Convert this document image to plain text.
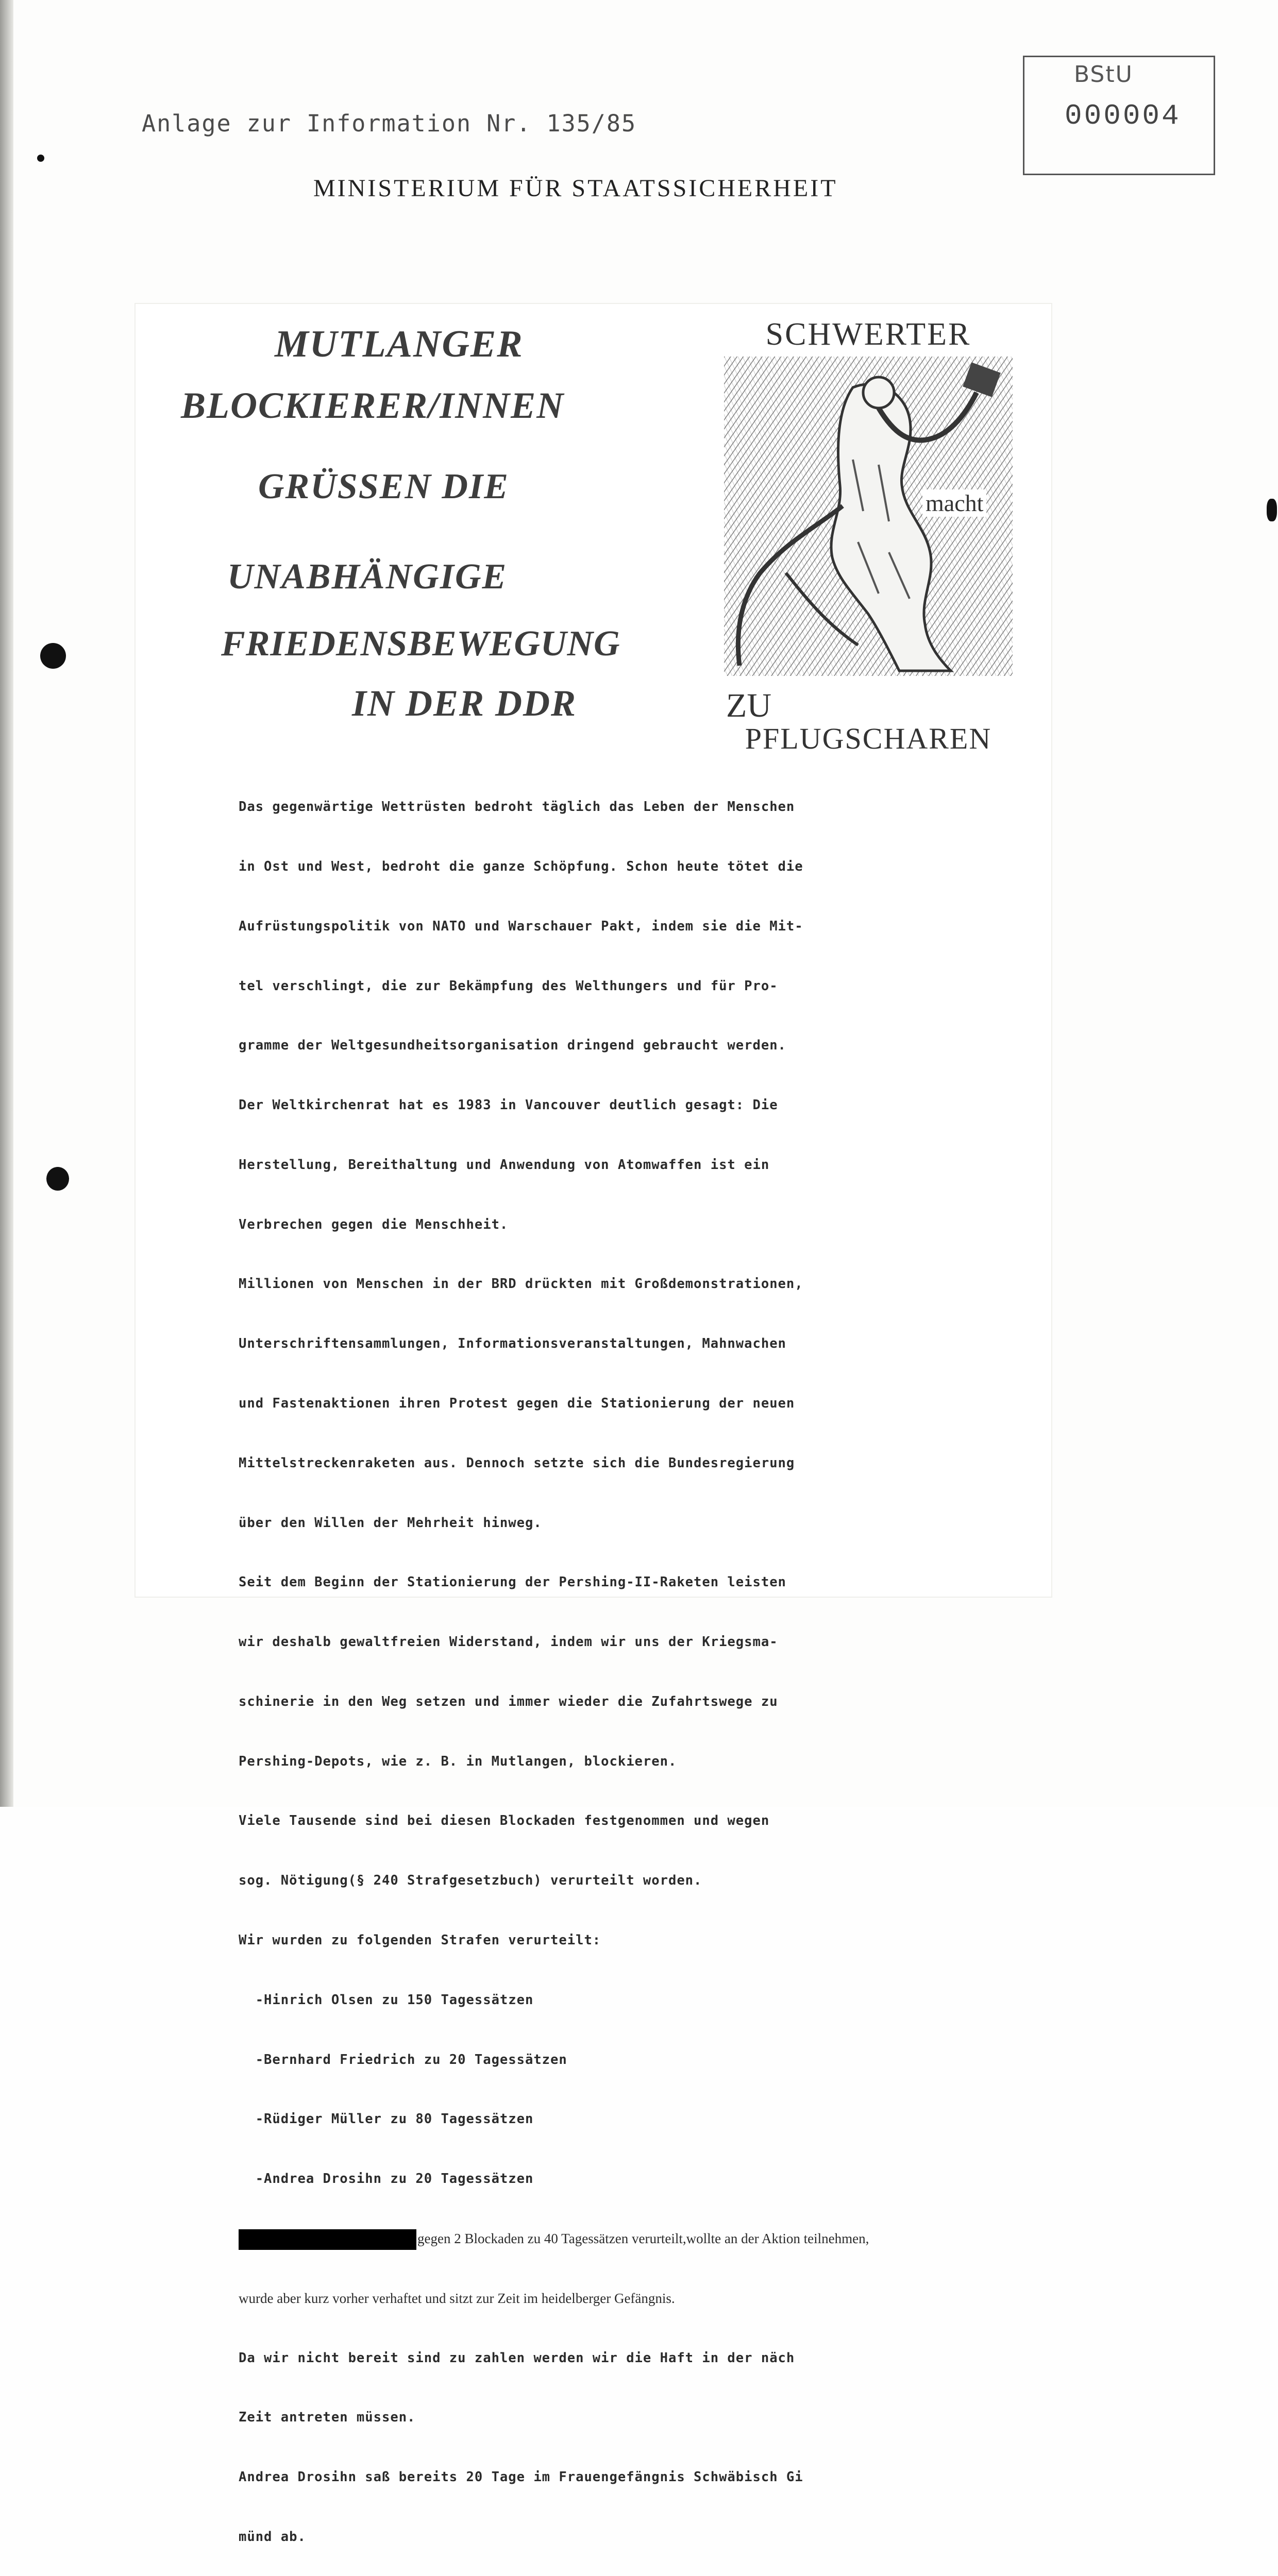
BStU
000004
Anlage zur Information Nr. 135/85
MINISTERIUM FÜR STAATSSICHERHEIT
MUTLANGER
BLOCKIERER/INNEN
GRÜSSEN DIE
UNABHÄNGIGE
FRIEDENSBEWEGUNG
IN DER DDR
SCHWERTER
macht
ZU
PFLUGSCHAREN

Das gegenwärtige Wettrüsten bedroht täglich das Leben der Menschen

in Ost und West, bedroht die ganze Schöpfung. Schon heute tötet die

Aufrüstungspolitik von NATO und Warschauer Pakt, indem sie die Mit-

tel verschlingt, die zur Bekämpfung des Welthungers und für Pro-

gramme der Weltgesundheitsorganisation dringend gebraucht werden.

Der Weltkirchenrat hat es 1983 in Vancouver deutlich gesagt: Die

Herstellung, Bereithaltung und Anwendung von Atomwaffen ist ein

Verbrechen gegen die Menschheit.

Millionen von Menschen in der BRD drückten mit Großdemonstrationen,

Unterschriftensammlungen, Informationsveranstaltungen, Mahnwachen

und Fastenaktionen ihren Protest gegen die Stationierung der neuen

Mittelstreckenraketen aus. Dennoch setzte sich die Bundesregierung

über den Willen der Mehrheit hinweg.

Seit dem Beginn der Stationierung der Pershing-II-Raketen leisten

wir deshalb gewaltfreien Widerstand, indem wir uns der Kriegsma-

schinerie in den Weg setzen und immer wieder die Zufahrtswege zu

Pershing-Depots, wie z. B. in Mutlangen, blockieren.

Viele Tausende sind bei diesen Blockaden festgenommen und wegen

sog. Nötigung(§ 240 Strafgesetzbuch) verurteilt worden.

Wir wurden zu folgenden Strafen verurteilt:

-Hinrich Olsen zu 150 Tagessätzen

-Bernhard Friedrich zu 20 Tagessätzen

-Rüdiger Müller zu 80 Tagessätzen

-Andrea Drosihn zu 20 Tagessätzen

gegen 2 Blockaden zu 40 Tagessätzen verurteilt,wollte an der Aktion teilnehmen,

wurde aber kurz vorher verhaftet und sitzt zur Zeit im heidelberger Gefängnis.

Da wir nicht bereit sind zu zahlen werden wir die Haft in der näch

Zeit antreten müssen.

Andrea Drosihn saß bereits 20 Tage im Frauengefängnis Schwäbisch Gi

münd ab.
